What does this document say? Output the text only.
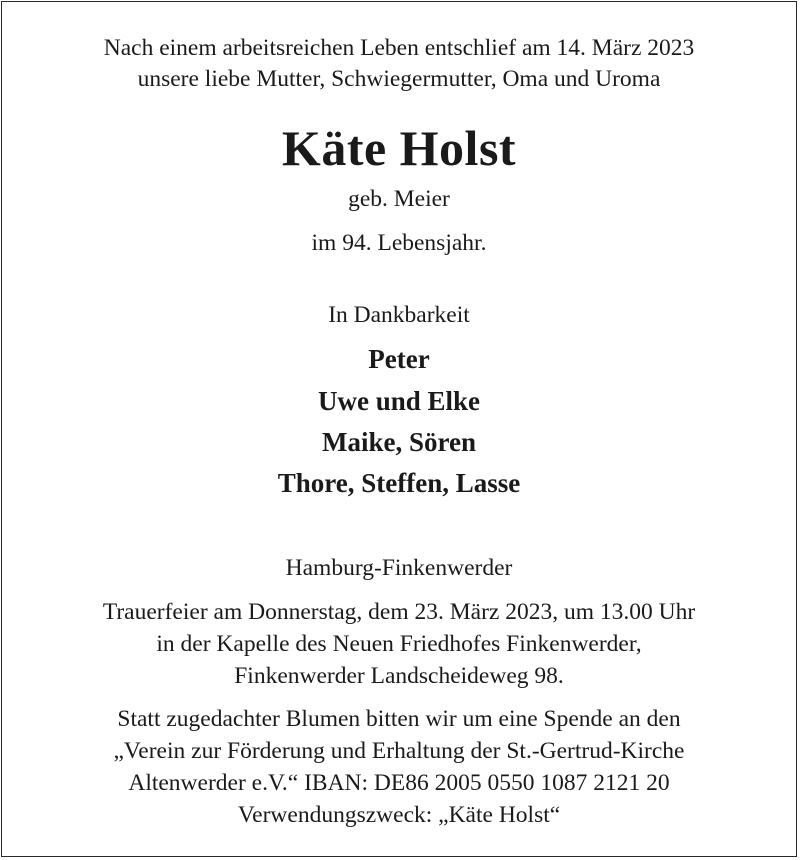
Nach einem arbeitsreichen Leben entschlief am 14. März 2023
unsere liebe Mutter, Schwiegermutter, Oma und Uroma
Käte Holst
geb. Meier
im 94. Lebensjahr.
In Dankbarkeit
Peter
Uwe und Elke
Maike, Sören
Thore, Steffen, Lasse
Hamburg-Finkenwerder
Trauerfeier am Donnerstag, dem 23. März 2023, um 13.00 Uhr
in der Kapelle des Neuen Friedhofes Finkenwerder,
Finkenwerder Landscheideweg 98.
Statt zugedachter Blumen bitten wir um eine Spende an den
„Verein zur Förderung und Erhaltung der St.-Gertrud-Kirche
Altenwerder e.V.“ IBAN: DE86 2005 0550 1087 2121 20
Verwendungszweck: „Käte Holst“
